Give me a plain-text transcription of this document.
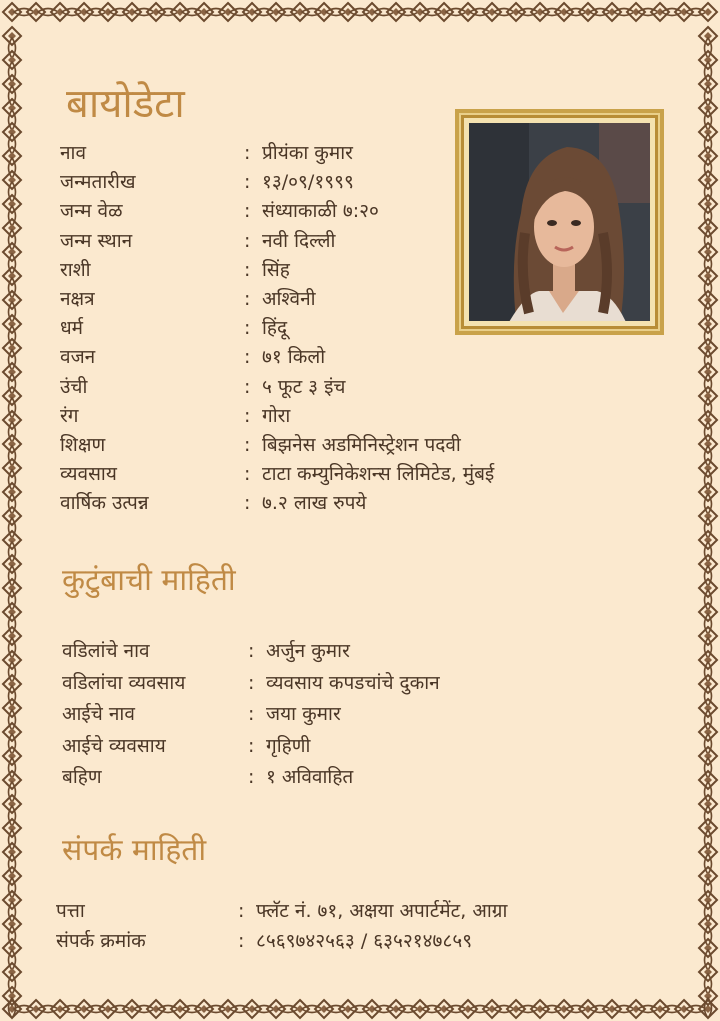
बायोडेटा
नाव	: प्रीयंका कुमार
जन्मतारीख	: १३/०९/१९९९
जन्म वेळ	: संध्याकाळी ७:२०
जन्म स्थान	: नवी दिल्ली
राशी	: सिंह
नक्षत्र	: अश्विनी
धर्म	: हिंदू
वजन	: ७१ किलो
उंची	: ५ फूट ३ इंच
रंग	: गोरा
शिक्षण	: बिझनेस अडमिनिस्ट्रेशन पदवी
व्यवसाय	: टाटा कम्युनिकेशन्स लिमिटेड, मुंबई
वार्षिक उत्पन्न	: ७.२ लाख रुपये
कुटुंबाची माहिती
वडिलांचे नाव	: अर्जुन कुमार
वडिलांचा व्यवसाय	: व्यवसाय कपडचांचे दुकान
आईचे नाव	: जया कुमार
आईचे व्यवसाय	: गृहिणी
बहिण	: १ अविवाहित
संपर्क माहिती
पत्ता	: फ्लॅट नं. ७१, अक्षया अपार्टमेंट, आग्रा
संपर्क क्रमांक	: ८५६९७४२५६३ / ६३५२१४७८५९
